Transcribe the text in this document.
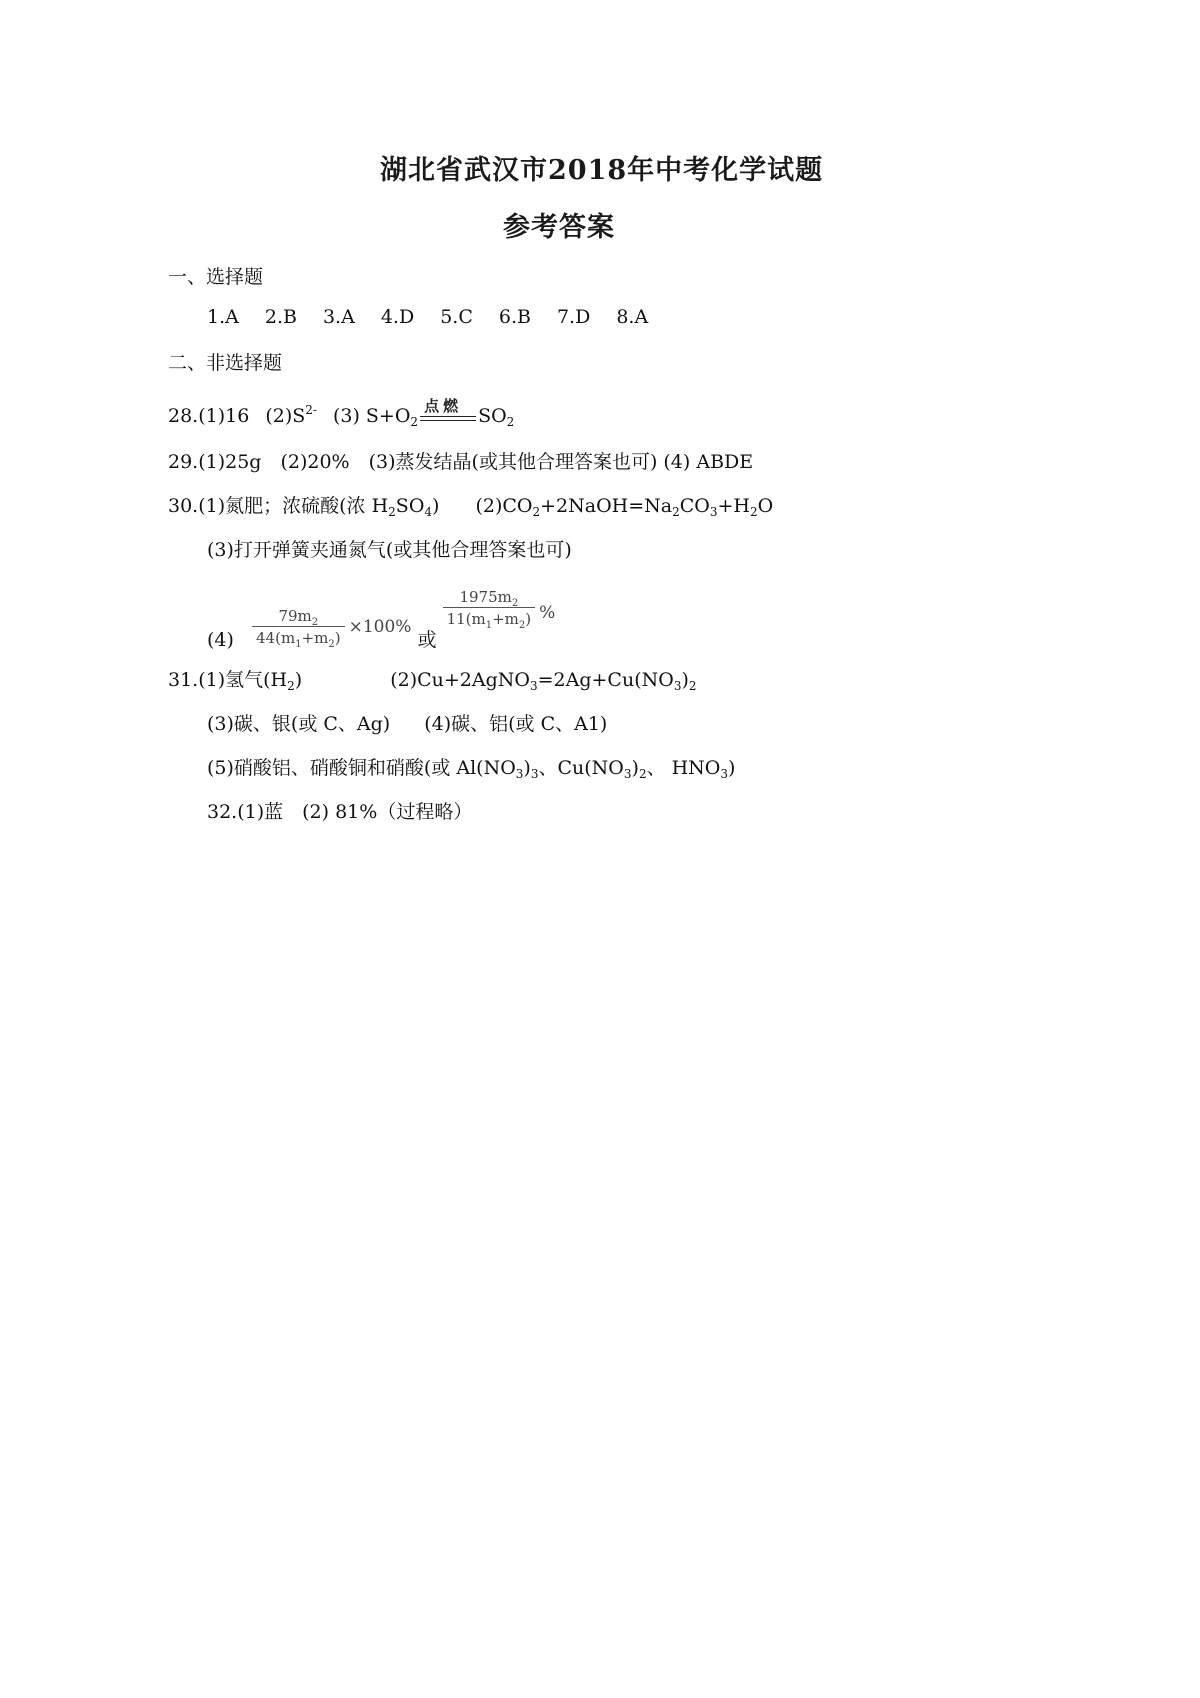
湖北省武汉市2018年中考化学试题
参考答案
一、选择题
1.A 2.B 3.A 4.D 5.C 6.B 7.D 8.A
二、非选择题
28.(1)16 $(2)S^{2-}$ (3) $S+O_2$
点燃 $SO_2$
29.(1)25g　(2)20%　(3)蒸发结晶(或其他合理答案也可) (4) ABDE
30.(1)氮肥；浓硫酸(浓 $H_2SO_4$) $(2)CO_2+2NaOH=Na_2CO_3+H_2O$
(3)打开弹簧夹通氮气(或其他合理答案也可)
$(4) \frac{79m_2}{44(m_1+m_2)} \times 100\%$ 或
$\frac{1975m_2}{11(m_1+m_2)}$ %
31.(1)氢气$(H_2)$	$(2)Cu+2AgNO_3=2Ag+Cu(NO_3)_2$
(3)碳、银(或 C、Ag) (4)碳、铝(或 C、A1)
(5)硝酸铝、硝酸铜和硝酸(或 $Al(NO_3)_3$、$Cu(NO_3)_2$、 $HNO_3$)
32.(1)蓝　(2) 81%（过程略）
